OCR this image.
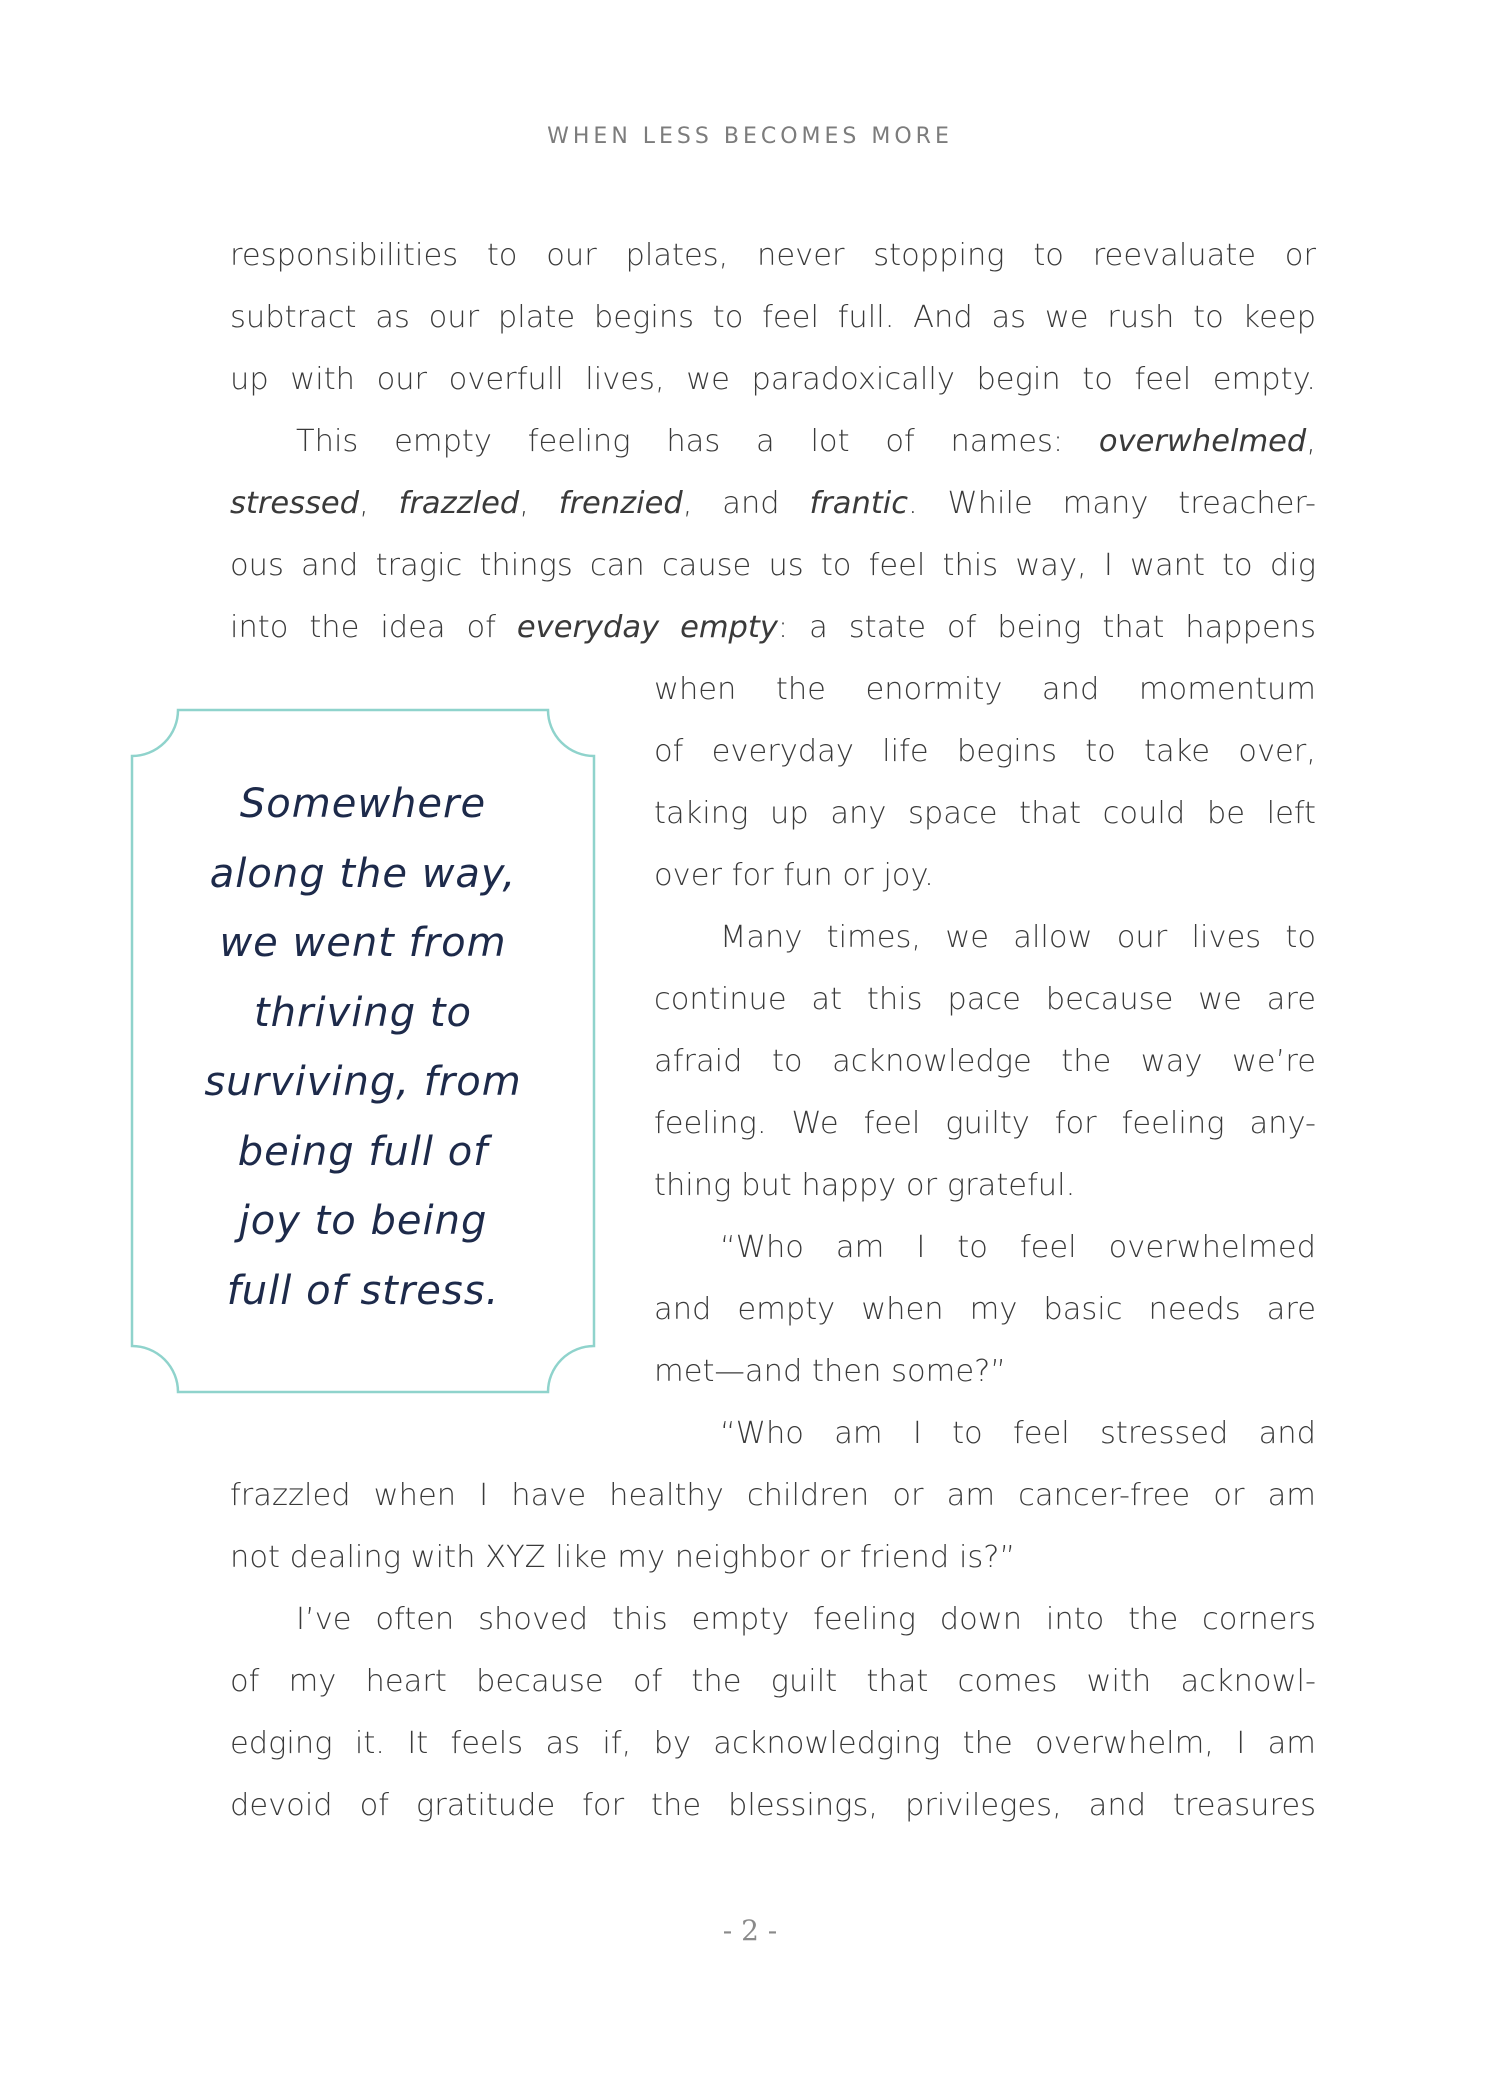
WHEN LESS BECOMES MORE
responsibilities to our plates, never stopping to reevaluate or
subtract as our plate begins to feel full. And as we rush to keep
up with our overfull lives, we paradoxically begin to feel empty.
This empty feeling has a lot of names: overwhelmed,
stressed, frazzled, frenzied, and frantic. While many treacher-
ous and tragic things can cause us to feel this way, I want to dig
into the idea of everyday empty: a state of being that happens
when the enormity and momentum
of everyday life begins to take over,
taking up any space that could be left
over for fun or joy.
Many times, we allow our lives to
continue at this pace because we are
afraid to acknowledge the way we’re
feeling. We feel guilty for feeling any-
thing but happy or grateful.
“Who am I to feel overwhelmed
and empty when my basic needs are
met—and then some?”
“Who am I to feel stressed and
frazzled when I have healthy children or am cancer-free or am
not dealing with XYZ like my neighbor or friend is?”
I’ve often shoved this empty feeling down into the corners
of my heart because of the guilt that comes with acknowl-
edging it. It feels as if, by acknowledging the overwhelm, I am
devoid of gratitude for the blessings, privileges, and treasures
Somewhere
along the way,
we went from
thriving to
surviving, from
being full of
joy to being
full of stress.
- 2 -
